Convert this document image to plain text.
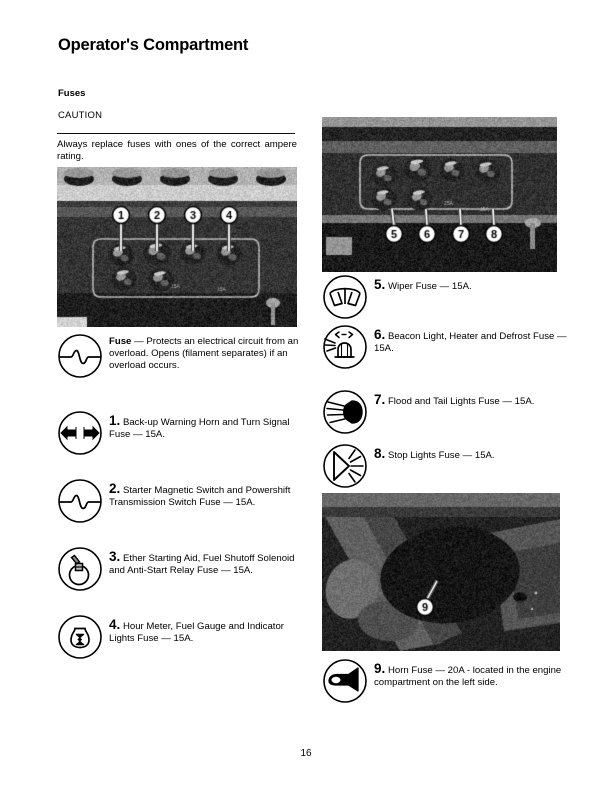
Operator's Compartment
Fuses
CAUTION
Always replace fuses with ones of the correct ampere rating.
Fuse — Protects an electrical circuit from an overload. Opens (filament separates) if an overload occurs.
1. Back-up Warning Horn and Turn Signal Fuse — 15A.
2. Starter Magnetic Switch and Powershift Transmission Switch Fuse — 15A.
3. Ether Starting Aid, Fuel Shutoff Solenoid and Anti-Start Relay Fuse — 15A.
4. Hour Meter, Fuel Gauge and Indicator Lights Fuse — 15A.
5. Wiper Fuse — 15A.
6. Beacon Light, Heater and Defrost Fuse — 15A.
7. Flood and Tail Lights Fuse — 15A.
8. Stop Lights Fuse — 15A.
9. Horn Fuse — 20A - located in the engine compartment on the left side.
16
